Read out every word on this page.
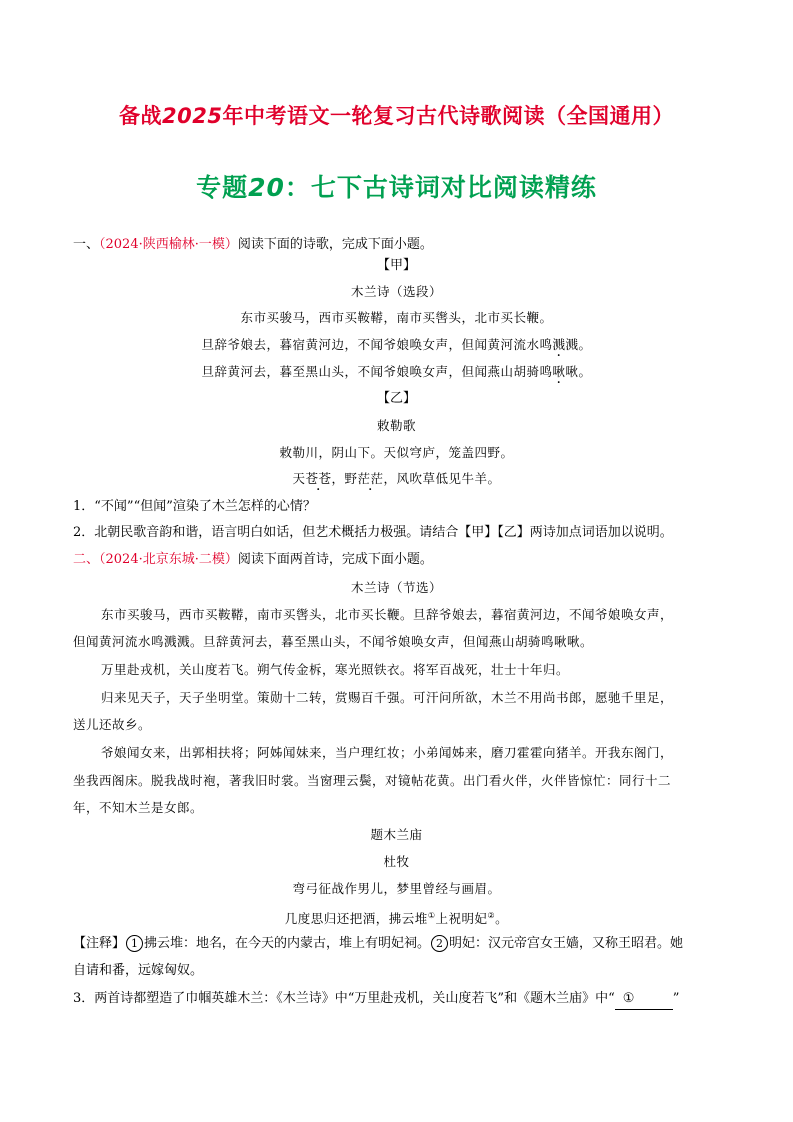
备战2025年中考语文一轮复习古代诗歌阅读（全国通用）
专题20：七下古诗词对比阅读精练
一、（2024·陕西榆林·一模）阅读下面的诗歌，完成下面小题。
【甲】
木兰诗（选段）
东市买骏马，西市买鞍鞯，南市买辔头，北市买长鞭。
旦辞爷娘去，暮宿黄河边，不闻爷娘唤女声，但闻黄河流水鸣溅溅。
旦辞黄河去，暮至黑山头，不闻爷娘唤女声，但闻燕山胡骑鸣啾啾。
【乙】
敕勒歌
敕勒川，阴山下。天似穹庐，笼盖四野。
天苍苍，野茫茫，风吹草低见牛羊。
1．“不闻”“但闻”渲染了木兰怎样的心情？
2．北朝民歌音韵和谐，语言明白如话，但艺术概括力极强。请结合【甲】【乙】两诗加点词语加以说明。
二、（2024·北京东城·二模）阅读下面两首诗，完成下面小题。
木兰诗（节选）
东市买骏马，西市买鞍鞯，南市买辔头，北市买长鞭。旦辞爷娘去，暮宿黄河边，不闻爷娘唤女声，
但闻黄河流水鸣溅溅。旦辞黄河去，暮至黑山头，不闻爷娘唤女声，但闻燕山胡骑鸣啾啾。
万里赴戎机，关山度若飞。朔气传金柝，寒光照铁衣。将军百战死，壮士十年归。
归来见天子，天子坐明堂。策勋十二转，赏赐百千强。可汗问所欲，木兰不用尚书郎，愿驰千里足，
送儿还故乡。
爷娘闻女来，出郭相扶将；阿姊闻妹来，当户理红妆；小弟闻姊来，磨刀霍霍向猪羊。开我东阁门，
坐我西阁床。脱我战时袍，著我旧时裳。当窗理云鬓，对镜帖花黄。出门看火伴，火伴皆惊忙：同行十二
年，不知木兰是女郎。
题木兰庙
杜牧
弯弓征战作男儿，梦里曾经与画眉。
几度思归还把酒，拂云堆①上祝明妃②。
【注释】 1 拂云堆：地名，在今天的内蒙古，堆上有明妃祠。 2 明妃：汉元帝宫女王嫱，又称王昭君。她
自请和番，远嫁匈奴。
3．两首诗都塑造了巾帼英雄木兰：《木兰诗》中“万里赴戎机，关山度若飞”和《题木兰庙》中“ ①	”
